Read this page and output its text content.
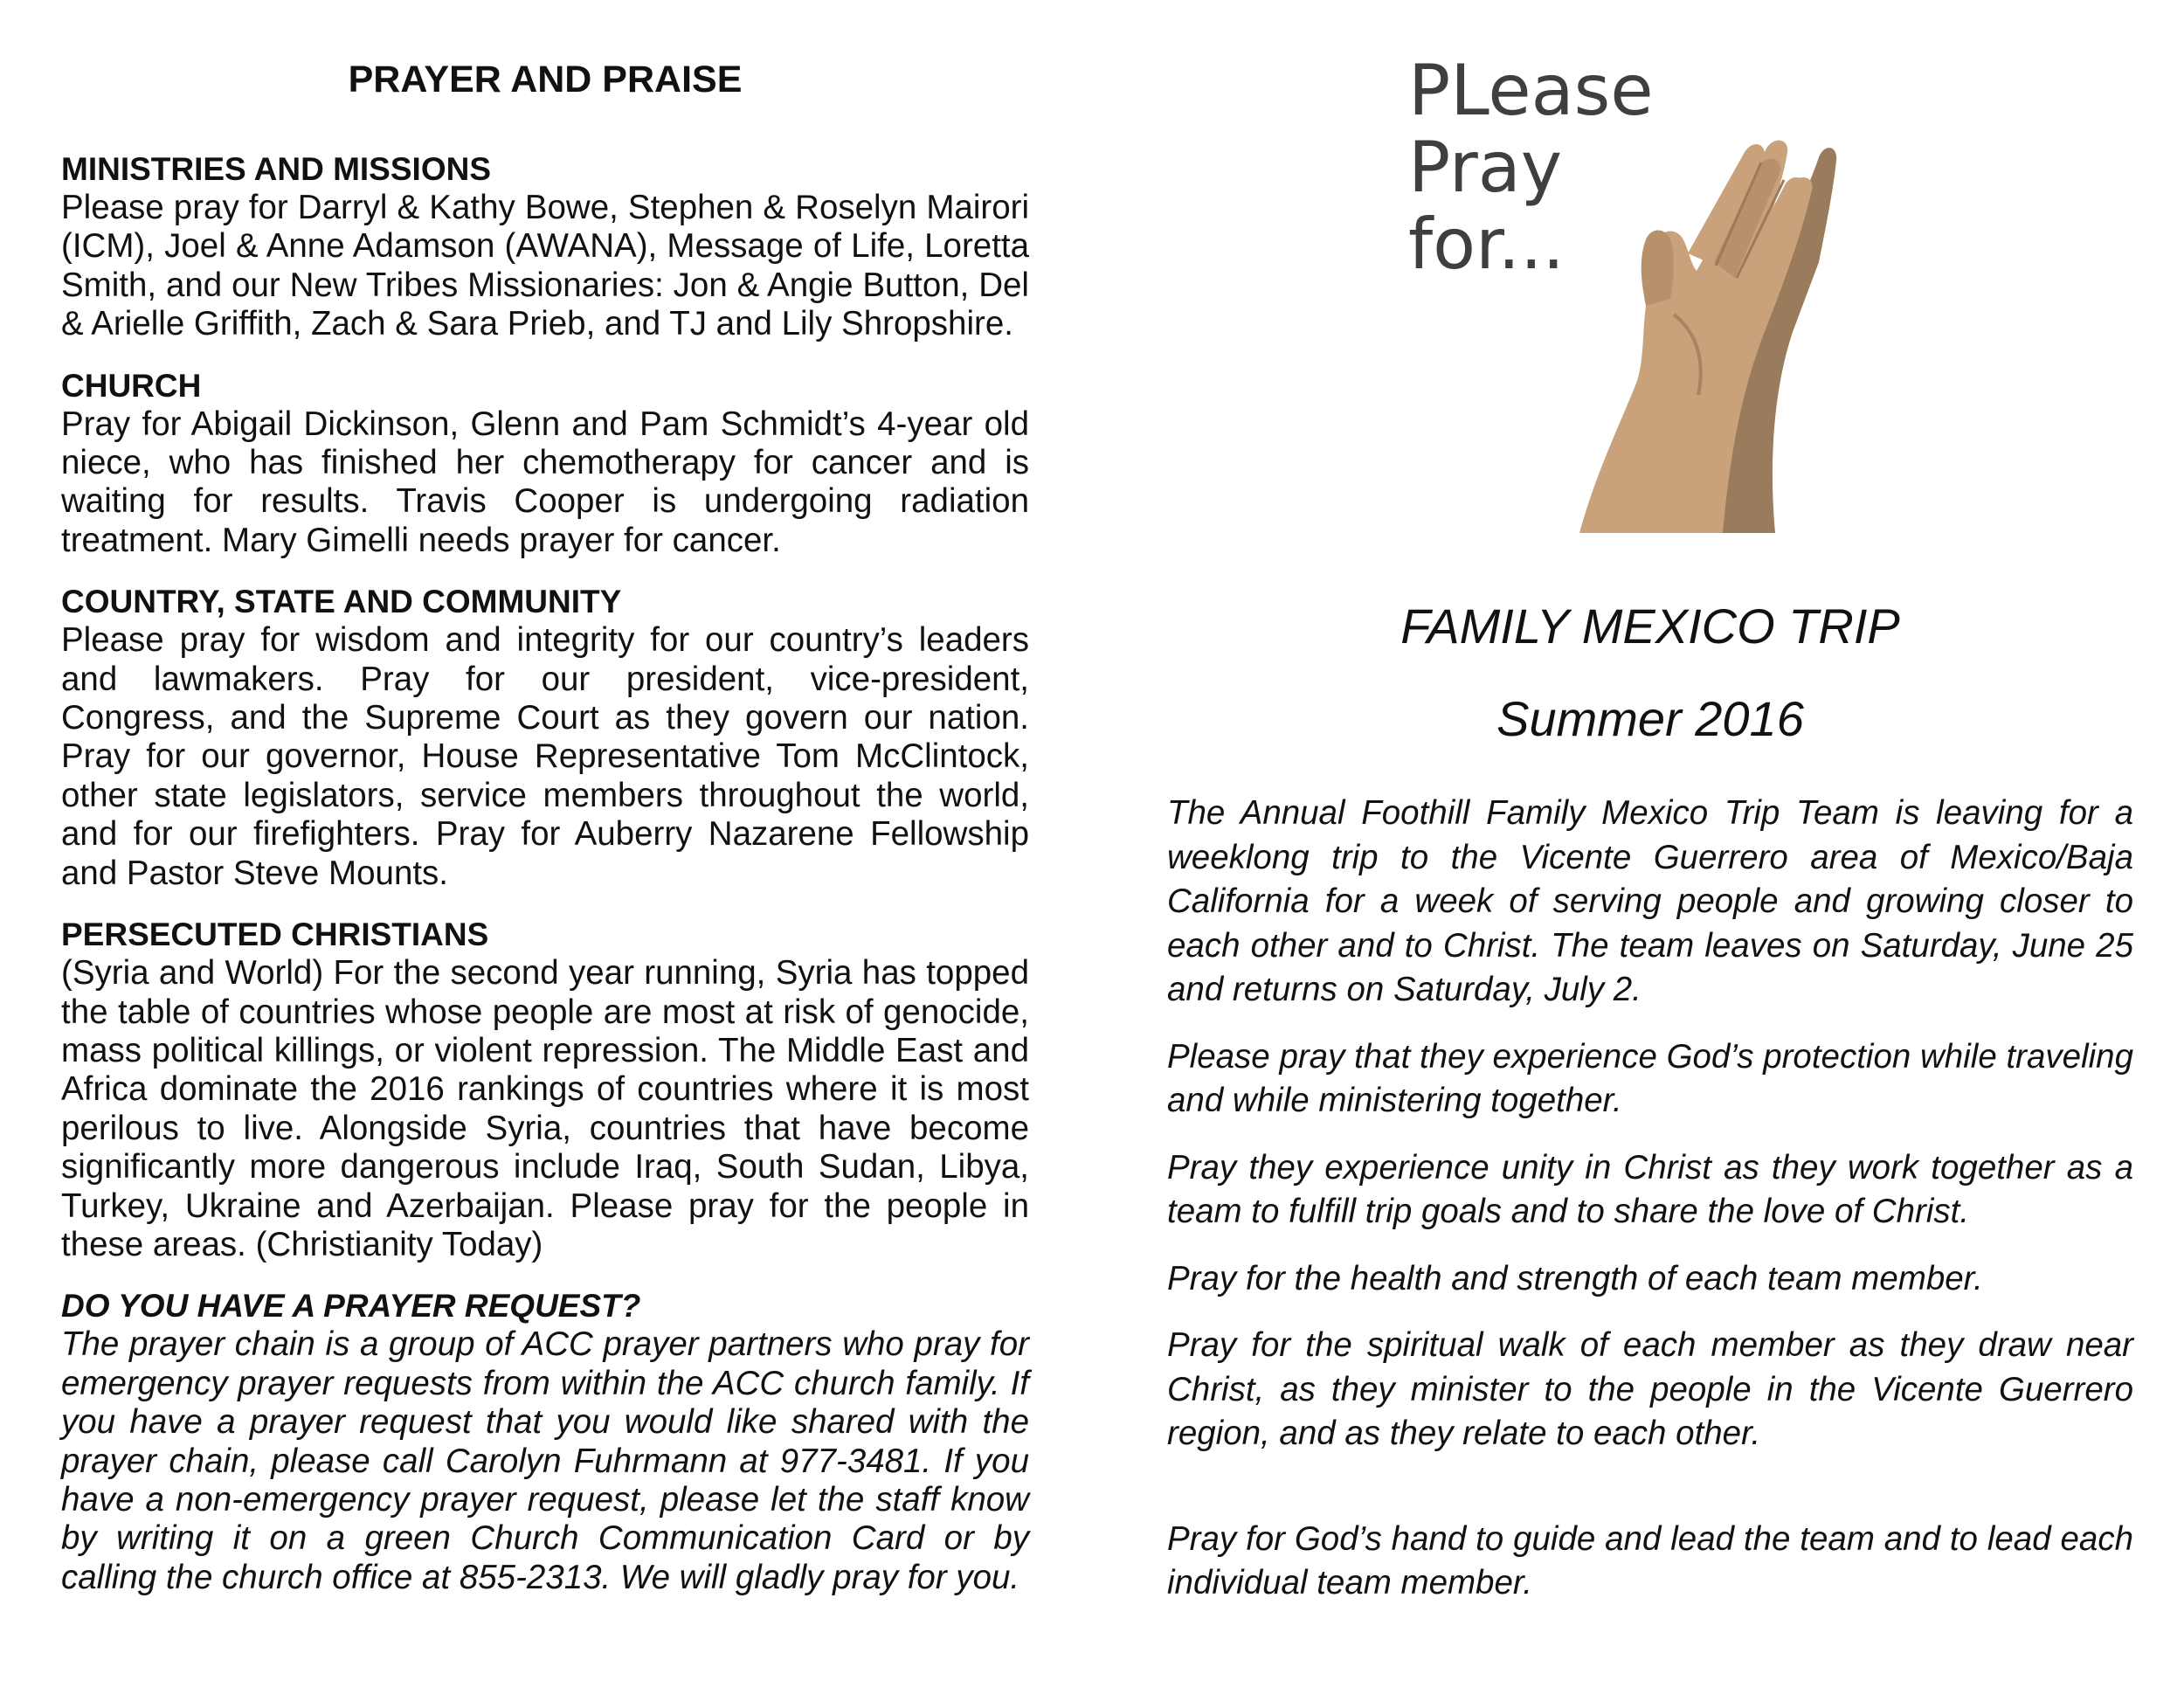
PRAYER AND PRAISE
MINISTRIES AND MISSIONS

Please pray for Darryl & Kathy Bowe, Stephen & Roselyn Mairori (ICM), Joel & Anne Adamson (AWANA), Message of Life, Loretta Smith, and our New Tribes Missionaries: Jon & Angie Button, Del & Arielle Griffith, Zach & Sara Prieb, and TJ and Lily Shropshire.

CHURCH

Pray for Abigail Dickinson, Glenn and Pam Schmidt’s 4-year old niece, who has finished her chemotherapy for cancer and is waiting for results. Travis Cooper is undergoing radiation treatment. Mary Gimelli needs prayer for cancer.

COUNTRY, STATE AND COMMUNITY

Please pray for wisdom and integrity for our country’s leaders and lawmakers. Pray for our president, vice-president, Congress, and the Supreme Court as they govern our nation. Pray for our governor, House Representative Tom McClintock, other state legislators, service members throughout the world, and for our firefighters. Pray for Auberry Nazarene Fellowship and Pastor Steve Mounts.

PERSECUTED CHRISTIANS

(Syria and World) For the second year running, Syria has topped the table of countries whose people are most at risk of genocide, mass political killings, or violent repression. The Middle East and Africa dominate the 2016 rankings of countries where it is most perilous to live. Alongside Syria, countries that have become significantly more dangerous include Iraq, South Sudan, Libya, Turkey, Ukraine and Azerbaijan. Please pray for the people in these areas. (Christianity Today)

DO YOU HAVE A PRAYER REQUEST?

The prayer chain is a group of ACC prayer partners who pray for emergency prayer requests from within the ACC church family. If you have a prayer request that you would like shared with the prayer chain, please call Carolyn Fuhrmann at 977-3481. If you have a non-emergency prayer request, please let the staff know by writing it on a green Church Communication Card or by calling the church office at 855-2313. We will gladly pray for you.

PLease
Pray
for...
FAMILY MEXICO TRIP
Summer 2016

The Annual Foothill Family Mexico Trip Team is leaving for a weeklong trip to the Vicente Guerrero area of Mexico/Baja California for a week of serving people and growing closer to each other and to Christ. The team leaves on Saturday, June 25 and returns on Saturday, July 2.

Please pray that they experience God’s protection while traveling and while ministering together.

Pray they experience unity in Christ as they work together as a team to fulfill trip goals and to share the love of Christ.

Pray for the health and strength of each team member.

Pray for the spiritual walk of each member as they draw near Christ, as they minister to the people in the Vicente Guerrero region, and as they relate to each other.

Pray for God’s hand to guide and lead the team and to lead each individual team member.
